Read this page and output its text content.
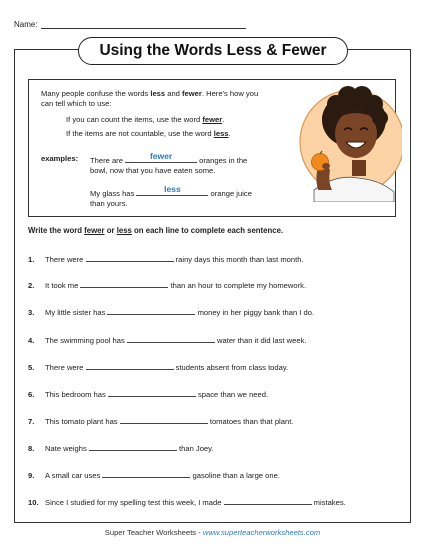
Name:
Using the Words Less & Fewer
Many people confuse the words less and fewer. Here's how you
can tell which to use:
If you can count the items, use the word fewer.
If the items are not countable, use the word less.
examples: There are	fewer	oranges in the
bowl, now that you have eaten some.
My glass has	less	orange juice
than yours.
Write the word fewer or less on each line to complete each sentence.
1. There were	rainy days this month than last month.
2. It took me	than an hour to complete my homework.
3. My little sister has	money in her piggy bank than I do.
4. The swimming pool has	water than it did last week.
5. There were	students absent from class today.
6. This bedroom has	space than we need.
7. This tomato plant has	tomatoes than that plant.
8. Nate weighs	than Joey.
9. A small car uses	gasoline than a large one.
10. Since I studied for my spelling test this week, I made	mistakes.
Super Teacher Worksheets - www.superteacherworksheets.com
